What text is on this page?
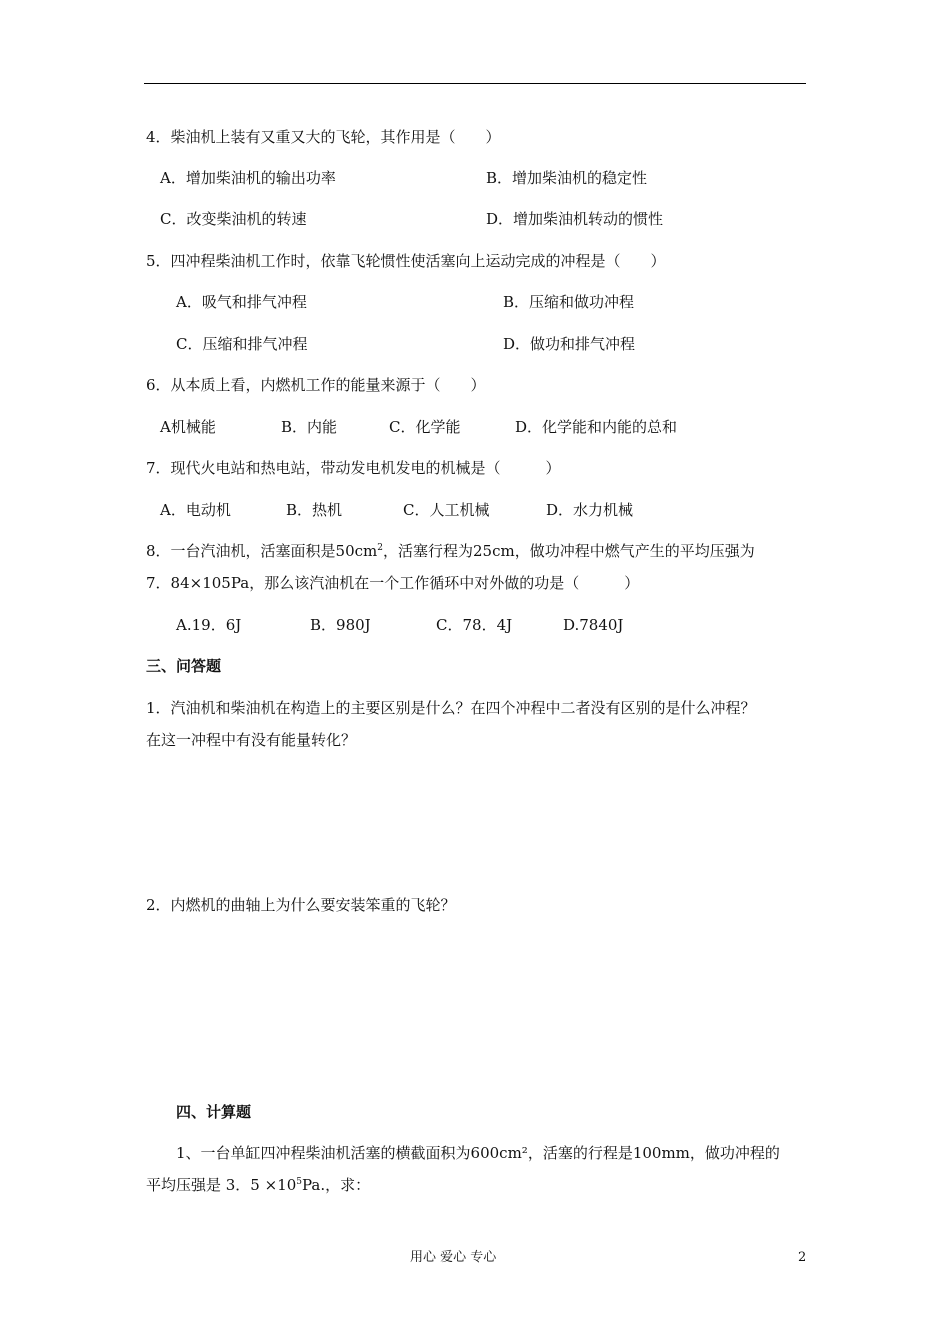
4．柴油机上装有又重又大的飞轮，其作用是（　　）
A．增加柴油机的输出功率	B．增加柴油机的稳定性
C．改变柴油机的转速	D．增加柴油机转动的惯性
5．四冲程柴油机工作时，依靠飞轮惯性使活塞向上运动完成的冲程是（　　）
A．吸气和排气冲程	B．压缩和做功冲程
C．压缩和排气冲程	D．做功和排气冲程
6．从本质上看，内燃机工作的能量来源于（　　）
A机械能	B．内能	C．化学能	D．化学能和内能的总和
7．现代火电站和热电站，带动发电机发电的机械是（　　　）
A．电动机	B．热机	C．人工机械	D．水力机械
8．一台汽油机，活塞面积是$50cm^2$，活塞行程为25cm，做功冲程中燃气产生的平均压强为
7．84×105Pa，那么该汽油机在一个工作循环中对外做的功是（　　　）
A.19．6J	B．980J	C．78．4J	D.7840J
三、问答题
1．汽油机和柴油机在构造上的主要区别是什么？在四个冲程中二者没有区别的是什么冲程？
在这一冲程中有没有能量转化？
2．内燃机的曲轴上为什么要安装笨重的飞轮？
四、计算题
1、一台单缸四冲程柴油机活塞的横截面积为600cm²，活塞的行程是100mm，做功冲程的
平均压强是 3．$5 \times 10^5Pa$.，求：
用心 爱心 专心	2
